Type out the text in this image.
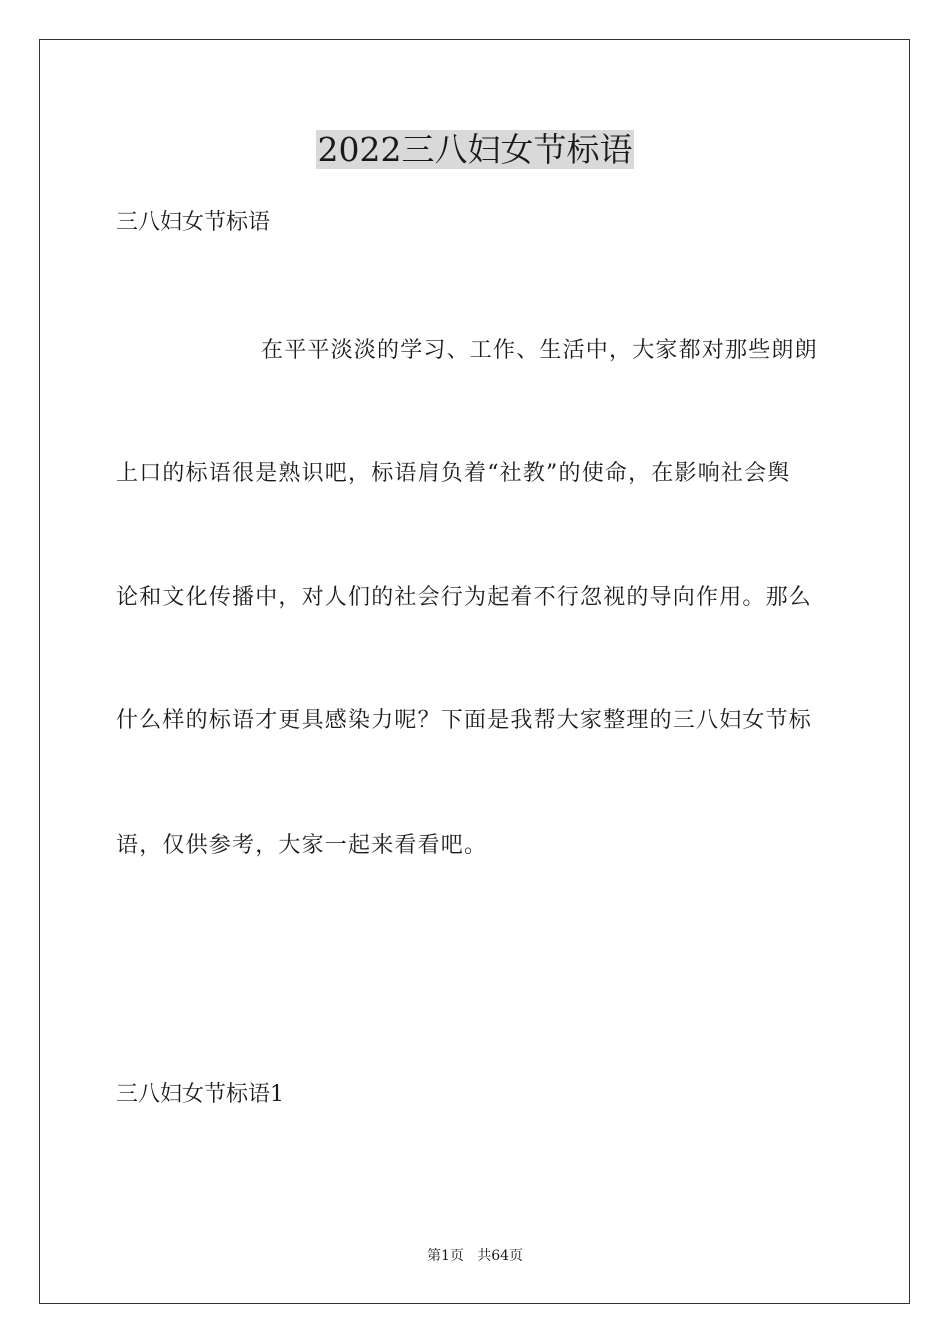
2022三八妇女节标语

三八妇女节标语

在平平淡淡的学习、工作、生活中，大家都对那些朗朗

上口的标语很是熟识吧，标语肩负着“社教”的使命，在影响社会舆

论和文化传播中，对人们的社会行为起着不行忽视的导向作用。那么

什么样的标语才更具感染力呢？下面是我帮大家整理的三八妇女节标

语，仅供参考，大家一起来看看吧。

三八妇女节标语1

第1页   共64页
